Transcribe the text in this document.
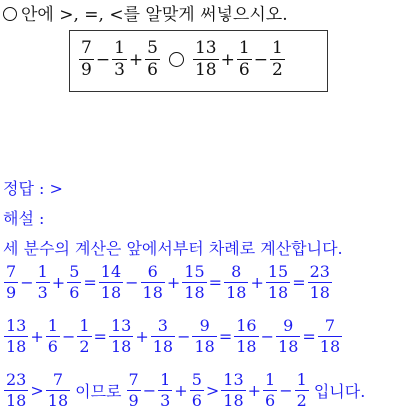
안에 >, =, <를 알맞게 써넣으시오.
$\frac{7}{9} - \frac{1}{3} + \frac{5}{6} \frac{13}{18} + \frac{1}{6} - \frac{1}{2}$
정답 : >
해설 :
세 분수의 계산은 앞에서부터 차례로 계산합니다.
$\frac{7}{9} - \frac{1}{3} + \frac{5}{6} = \frac{14}{18} - \frac{6}{18} + \frac{15}{18} = \frac{8}{18} + \frac{15}{18} = \frac{23}{18}$
$\frac{13}{18} + \frac{1}{6} - \frac{1}{2} = \frac{13}{18} + \frac{3}{18} - \frac{9}{18} = \frac{16}{18} - \frac{9}{18} = \frac{7}{18}$
$\frac{23}{18} > \frac{7}{18}$ 이므로 $\frac{7}{9} - \frac{1}{3} + \frac{5}{6} > \frac{13}{18} + \frac{1}{6} - \frac{1}{2}$ 입니다.
